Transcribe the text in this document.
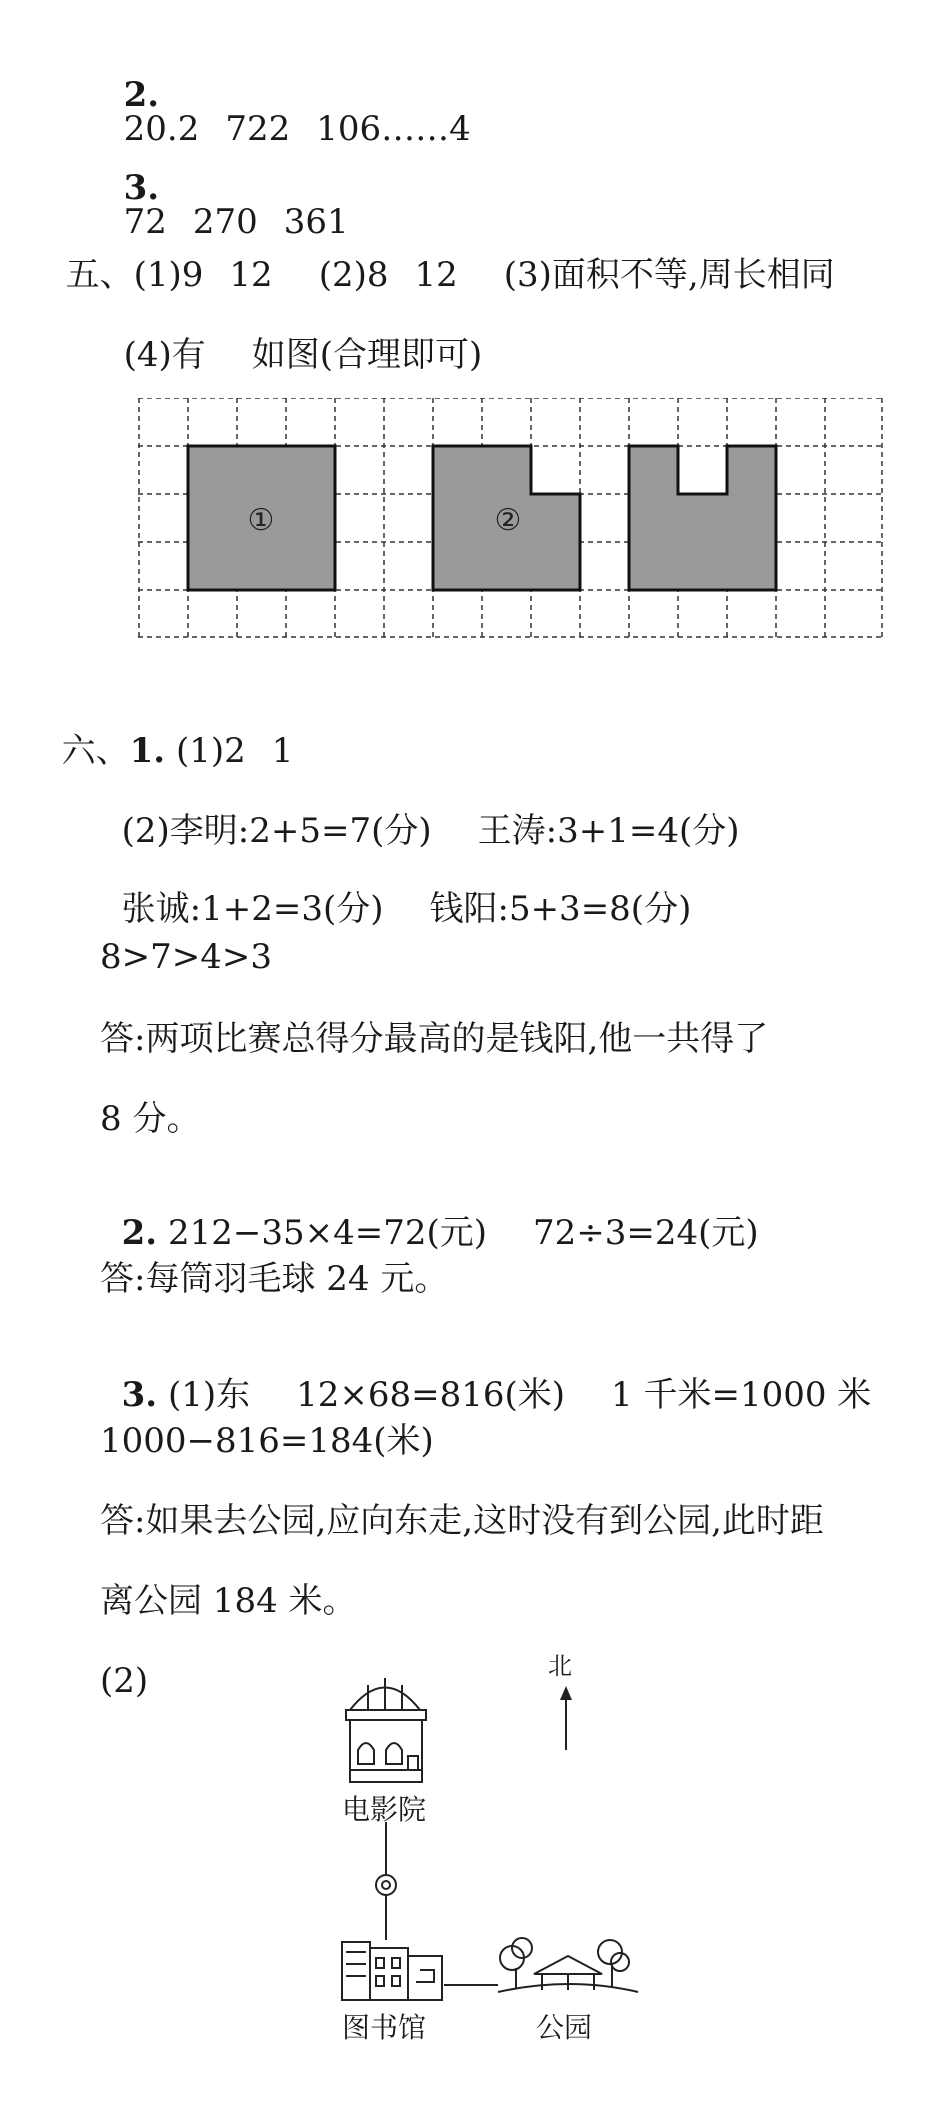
2.
20.2 722 106……4

3.
72 270 361

五、(1)9 12 (2)8 12 (3)面积不等,周长相同

(4)有 如图(合理即可)

①	②

六、1. (1)2 1

(2)李明:2+5=7(分) 王涛:3+1=4(分)

张诚:1+2=3(分) 钱阳:5+3=8(分)

8>7>4>3
答:两项比赛总得分最高的是钱阳,他一共得了
8 分。

2. 212−35×4=72(元) 72÷3=24(元)

答:每筒羽毛球 24 元。

3. (1)东 12×68=816(米) 1 千米=1000 米

1000−816=184(米)
答:如果去公园,应向东走,这时没有到公园,此时距
离公园 184 米。
(2)	北
电影院
图书馆	公园
